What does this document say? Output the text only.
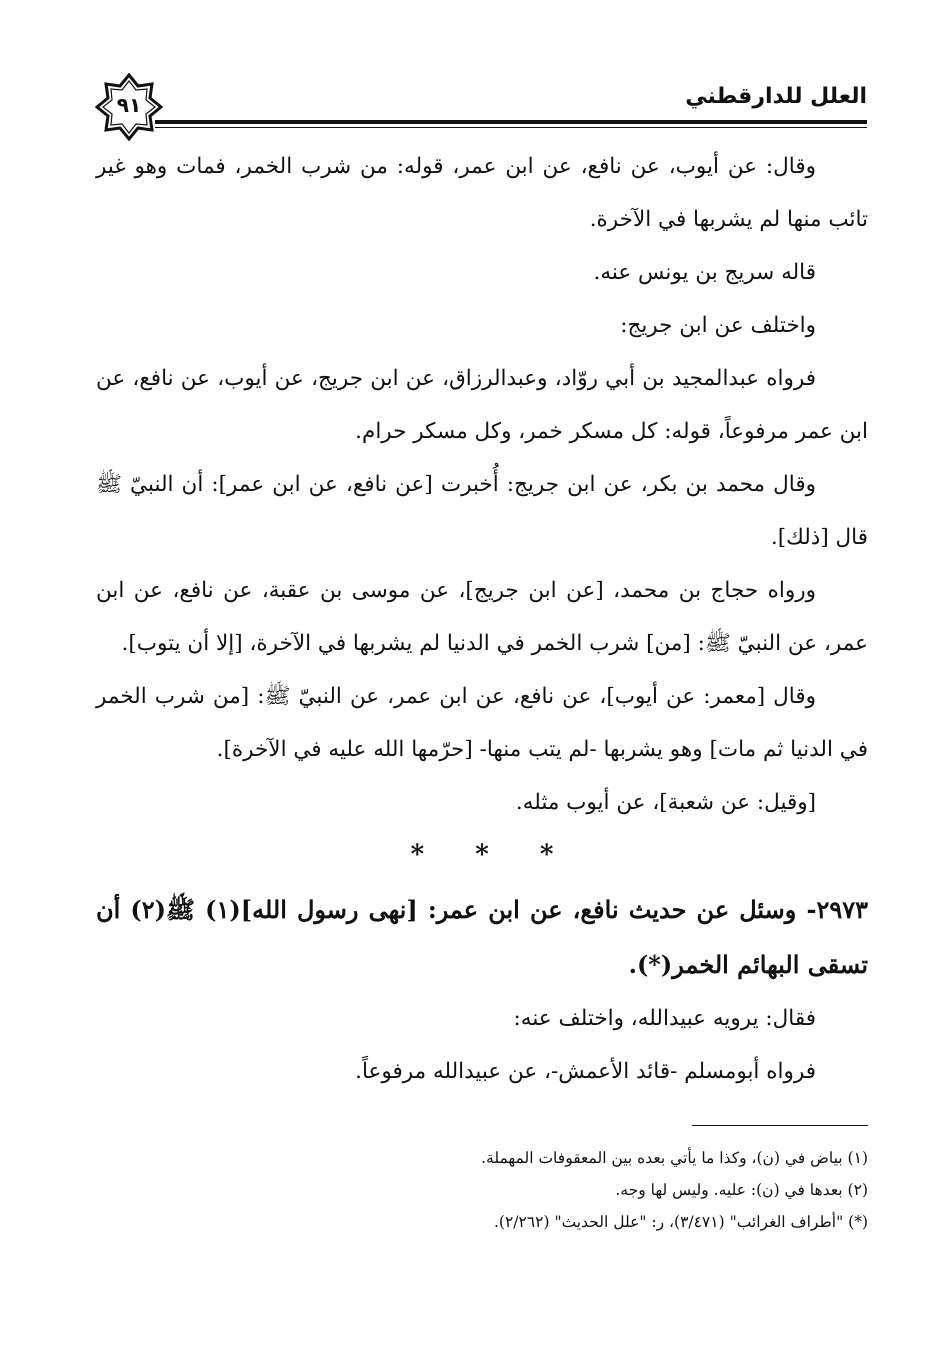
٩١	العلل للدارقطني

وقال: عن أيوب، عن نافع، عن ابن عمر، قوله: من شرب الخمر، فمات وهو غير تائب منها لم يشربها في الآخرة.

قاله سريج بن يونس عنه.

واختلف عن ابن جريج:

فرواه عبدالمجيد بن أبي روّاد، وعبدالرزاق، عن ابن جريج، عن أيوب، عن نافع، عن ابن عمر مرفوعاً، قوله: كل مسكر خمر، وكل مسكر حرام.

وقال محمد بن بكر، عن ابن جريج: أُخبرت [عن نافع، عن ابن عمر]: أن النبيّ ﷺ قال [ذلك].

ورواه حجاج بن محمد، [عن ابن جريج]، عن موسى بن عقبة، عن نافع، عن ابن عمر، عن النبيّ ﷺ: [من] شرب الخمر في الدنيا لم يشربها في الآخرة، [إلا أن يتوب].

وقال [معمر: عن أيوب]، عن نافع، عن ابن عمر، عن النبيّ ﷺ: [من شرب الخمر في الدنيا ثم مات] وهو يشربها -لم يتب منها- [حرّمها الله عليه في الآخرة].

[وقيل: عن شعبة]، عن أيوب مثله.

* * *

٢٩٧٣- وسئل عن حديث نافع، عن ابن عمر: [نهى رسول الله](١) ﷺ(٢) أن تسقى البهائم الخمر(*).

فقال: يرويه عبيدالله، واختلف عنه:

فرواه أبومسلم -قائد الأعمش-، عن عبيدالله مرفوعاً.

(١) بياض في (ن)، وكذا ما يأتي بعده بين المعقوفات المهملة.

(٢) بعدها في (ن): عليه. وليس لها وجه.

(*) "أطراف الغرائب" (٣/٤٧١)، ر: "علل الحديث" (٢/٢٦٢).
